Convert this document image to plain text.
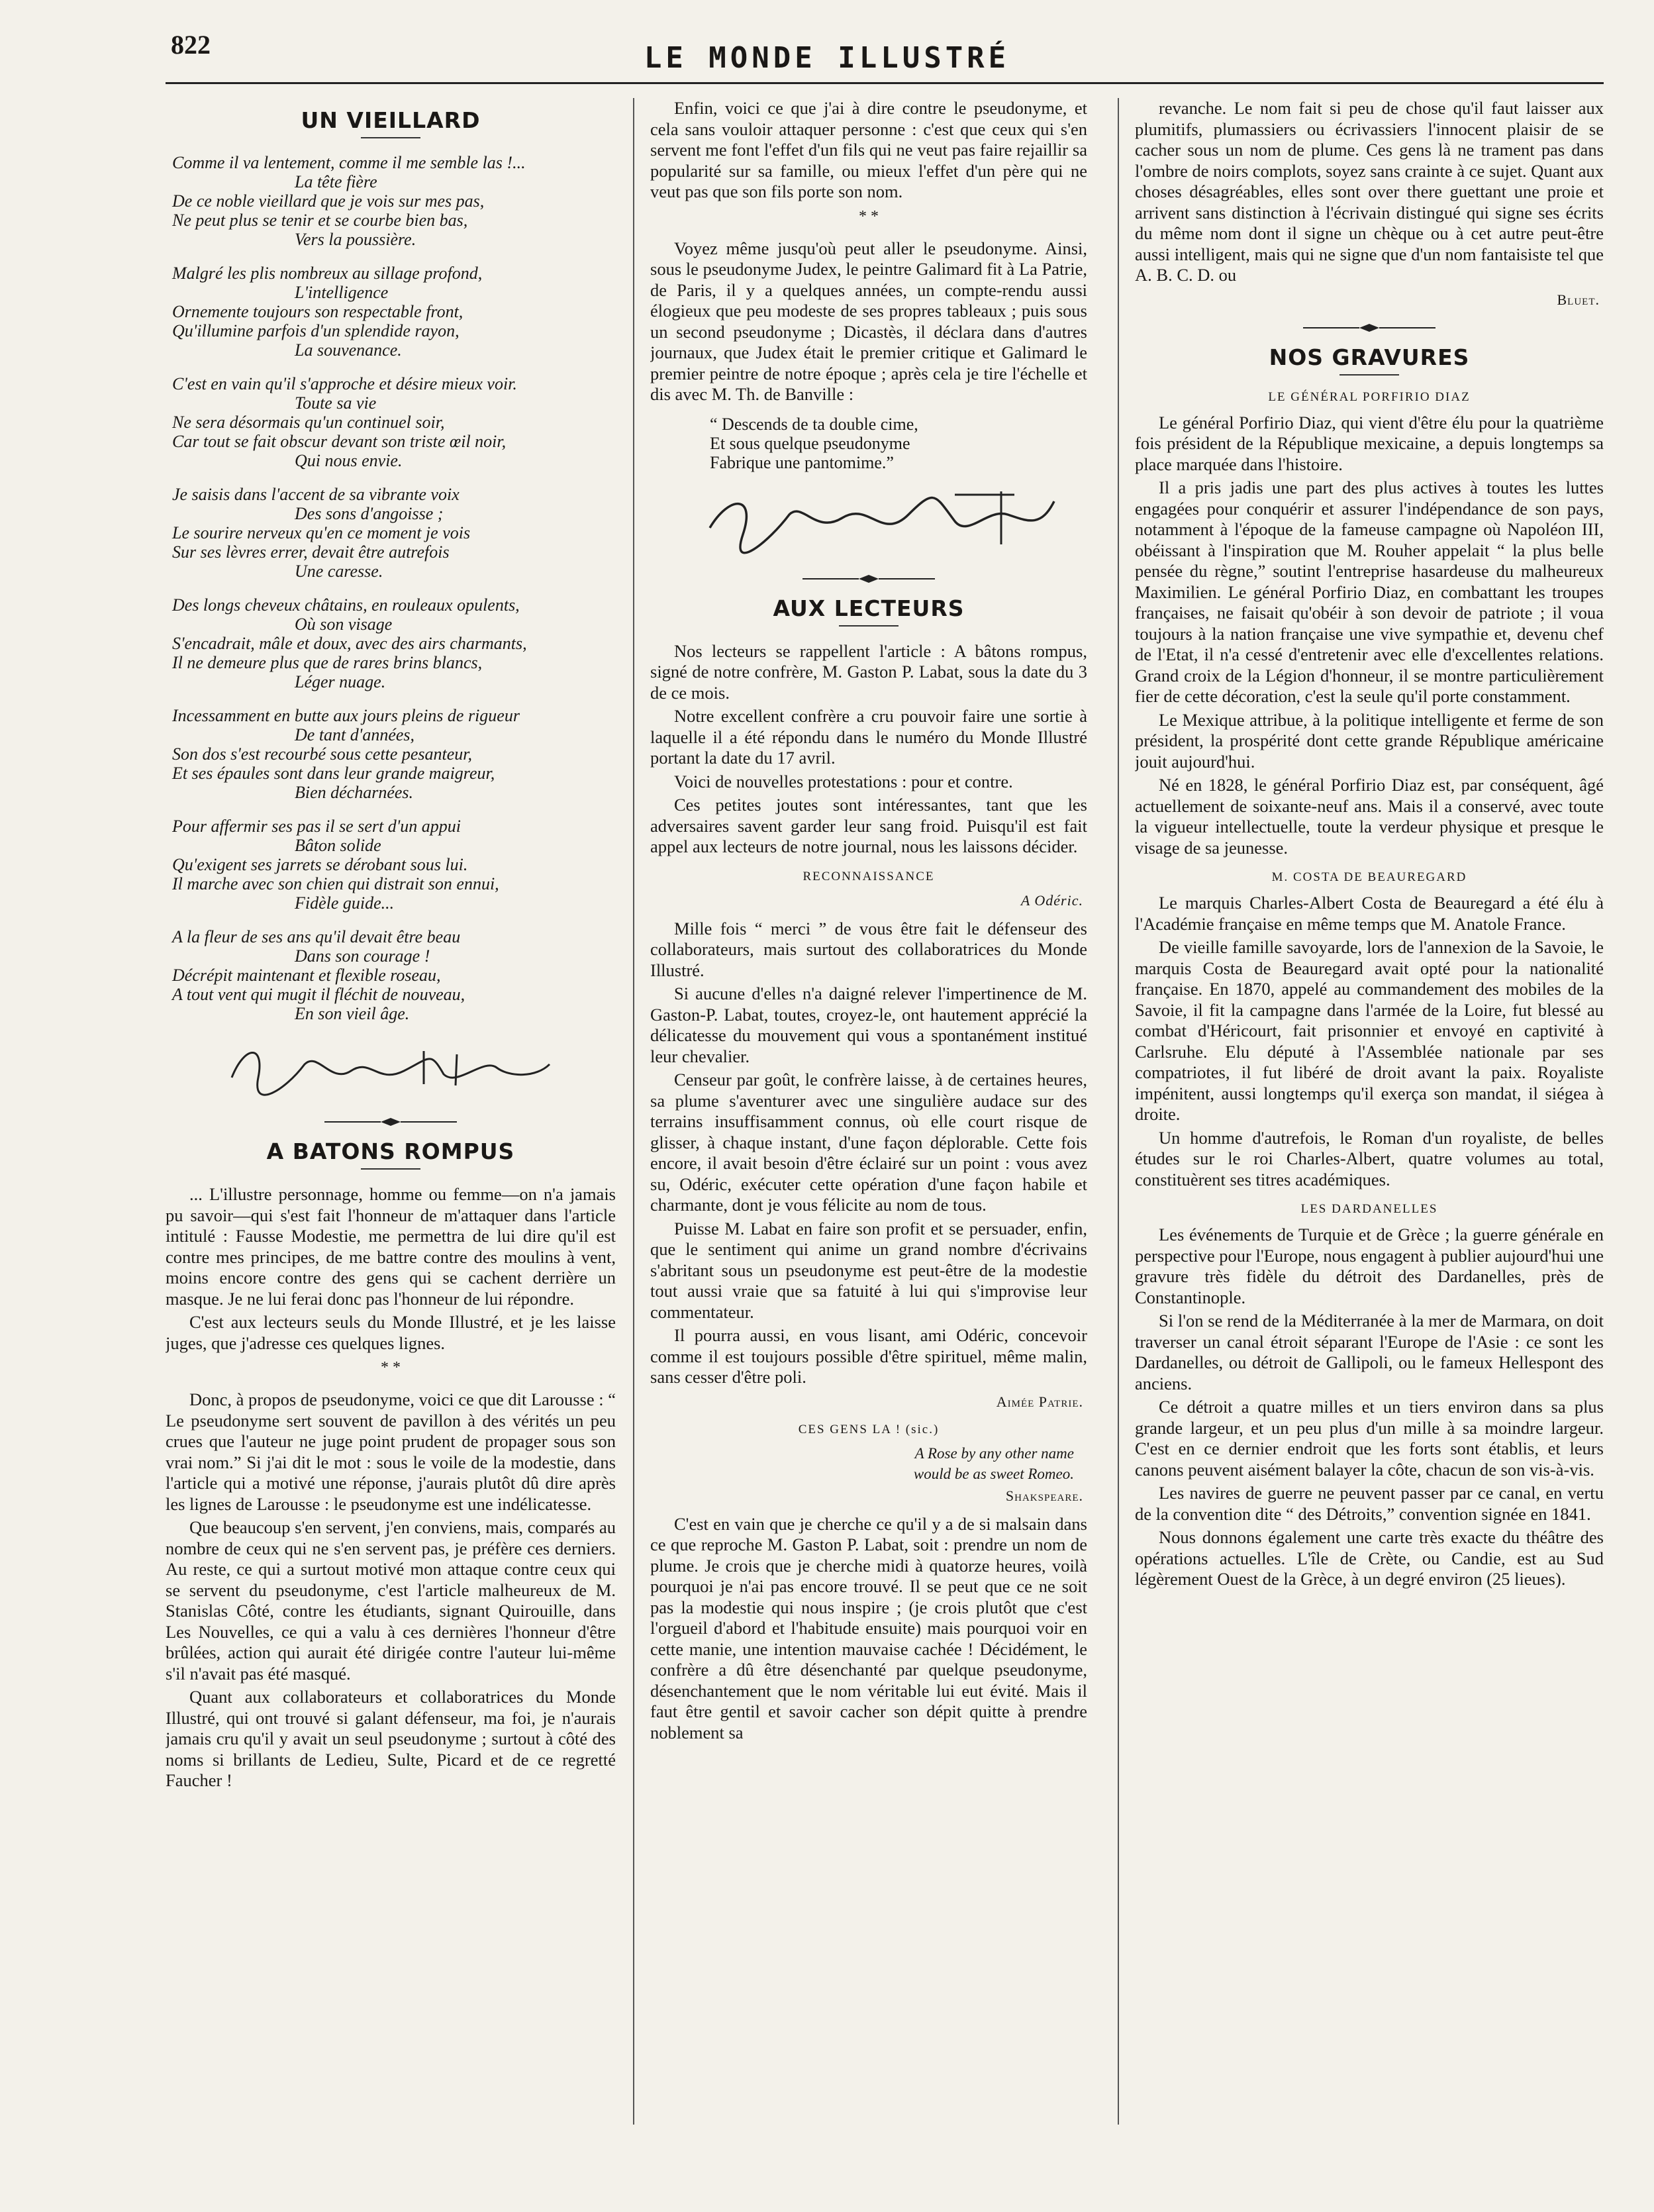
822	LE MONDE ILLUSTRÉ
UN VIEILLARD
Comme il va lentement, comme il me semble las !...
La tête fière
De ce noble vieillard que je vois sur mes pas,
Ne peut plus se tenir et se courbe bien bas,
Vers la poussière.
Malgré les plis nombreux au sillage profond,
L'intelligence
Ornemente toujours son respectable front,
Qu'illumine parfois d'un splendide rayon,
La souvenance.
C'est en vain qu'il s'approche et désire mieux voir.
Toute sa vie
Ne sera désormais qu'un continuel soir,
Car tout se fait obscur devant son triste œil noir,
Qui nous envie.
Je saisis dans l'accent de sa vibrante voix
Des sons d'angoisse ;
Le sourire nerveux qu'en ce moment je vois
Sur ses lèvres errer, devait être autrefois
Une caresse.
Des longs cheveux châtains, en rouleaux opulents,
Où son visage
S'encadrait, mâle et doux, avec des airs charmants,
Il ne demeure plus que de rares brins blancs,
Léger nuage.
Incessamment en butte aux jours pleins de rigueur
De tant d'années,
Son dos s'est recourbé sous cette pesanteur,
Et ses épaules sont dans leur grande maigreur,
Bien décharnées.
Pour affermir ses pas il se sert d'un appui
Bâton solide
Qu'exigent ses jarrets se dérobant sous lui.
Il marche avec son chien qui distrait son ennui,
Fidèle guide...
A la fleur de ses ans qu'il devait être beau
Dans son courage !
Décrépit maintenant et flexible roseau,
A tout vent qui mugit il fléchit de nouveau,
En son vieil âge.
A BATONS ROMPUS

... L'illustre personnage, homme ou femme—on n'a jamais pu savoir—qui s'est fait l'honneur de m'attaquer dans l'article intitulé : Fausse Modestie, me permettra de lui dire qu'il est contre mes principes, de me battre contre des moulins à vent, moins encore contre des gens qui se cachent derrière un masque. Je ne lui ferai donc pas l'honneur de lui répondre.

C'est aux lecteurs seuls du Monde Illustré, et je les laisse juges, que j'adresse ces quelques lignes.

* *

Donc, à propos de pseudonyme, voici ce que dit Larousse : “ Le pseudonyme sert souvent de pavillon à des vérités un peu crues que l'auteur ne juge point prudent de propager sous son vrai nom.” Si j'ai dit le mot : sous le voile de la modestie, dans l'article qui a motivé une réponse, j'aurais plutôt dû dire après les lignes de Larousse : le pseudonyme est une indélicatesse.

Que beaucoup s'en servent, j'en conviens, mais, comparés au nombre de ceux qui ne s'en servent pas, je préfère ces derniers. Au reste, ce qui a surtout motivé mon attaque contre ceux qui se servent du pseudonyme, c'est l'article malheureux de M. Stanislas Côté, contre les étudiants, signant Quirouille, dans Les Nouvelles, ce qui a valu à ces dernières l'honneur d'être brûlées, action qui aurait été dirigée contre l'auteur lui-même s'il n'avait pas été masqué.

Quant aux collaborateurs et collaboratrices du Monde Illustré, qui ont trouvé si galant défenseur, ma foi, je n'aurais jamais cru qu'il y avait un seul pseudonyme ; surtout à côté des noms si brillants de Ledieu, Sulte, Picard et de ce regretté Faucher !

Enfin, voici ce que j'ai à dire contre le pseudonyme, et cela sans vouloir attaquer personne : c'est que ceux qui s'en servent me font l'effet d'un fils qui ne veut pas faire rejaillir sa popularité sur sa famille, ou mieux l'effet d'un père qui ne veut pas que son fils porte son nom.

* *

Voyez même jusqu'où peut aller le pseudonyme. Ainsi, sous le pseudonyme Judex, le peintre Galimard fit à La Patrie, de Paris, il y a quelques années, un compte-rendu aussi élogieux que peu modeste de ses propres tableaux ; puis sous un second pseudonyme ; Dicastès, il déclara dans d'autres journaux, que Judex était le premier critique et Galimard le premier peintre de notre époque ; après cela je tire l'échelle et dis avec M. Th. de Banville :

“ Descends de ta double cime,
Et sous quelque pseudonyme
Fabrique une pantomime.”
AUX LECTEURS

Nos lecteurs se rappellent l'article : A bâtons rompus, signé de notre confrère, M. Gaston P. Labat, sous la date du 3 de ce mois.

Notre excellent confrère a cru pouvoir faire une sortie à laquelle il a été répondu dans le numéro du Monde Illustré portant la date du 17 avril.

Voici de nouvelles protestations : pour et contre.

Ces petites joutes sont intéressantes, tant que les adversaires savent garder leur sang froid. Puisqu'il est fait appel aux lecteurs de notre journal, nous les laissons décider.

RECONNAISSANCE
A Odéric.

Mille fois “ merci ” de vous être fait le défenseur des collaborateurs, mais surtout des collaboratrices du Monde Illustré.

Si aucune d'elles n'a daigné relever l'impertinence de M. Gaston-P. Labat, toutes, croyez-le, ont hautement apprécié la délicatesse du mouvement qui vous a spontanément institué leur chevalier.

Censeur par goût, le confrère laisse, à de certaines heures, sa plume s'aventurer avec une singulière audace sur des terrains insuffisamment connus, où elle court risque de glisser, à chaque instant, d'une façon déplorable. Cette fois encore, il avait besoin d'être éclairé sur un point : vous avez su, Odéric, exécuter cette opération d'une façon habile et charmante, dont je vous félicite au nom de tous.

Puisse M. Labat en faire son profit et se persuader, enfin, que le sentiment qui anime un grand nombre d'écrivains s'abritant sous un pseudonyme est peut-être de la modestie tout aussi vraie que sa fatuité à lui qui s'improvise leur commentateur.

Il pourra aussi, en vous lisant, ami Odéric, concevoir comme il est toujours possible d'être spirituel, même malin, sans cesser d'être poli.

Aimée Patrie.
CES GENS LA ! (sic.)
A Rose by any other name
would be as sweet Romeo.
Shakspeare.

C'est en vain que je cherche ce qu'il y a de si malsain dans ce que reproche M. Gaston P. Labat, soit : prendre un nom de plume. Je crois que je cherche midi à quatorze heures, voilà pourquoi je n'ai pas encore trouvé. Il se peut que ce ne soit pas la modestie qui nous inspire ; (je crois plutôt que c'est l'orgueil d'abord et l'habitude ensuite) mais pourquoi voir en cette manie, une intention mauvaise cachée ! Décidément, le confrère a dû être désenchanté par quelque pseudonyme, désenchantement que le nom véritable lui eut évité. Mais il faut être gentil et savoir cacher son dépit quitte à prendre noblement sa

revanche. Le nom fait si peu de chose qu'il faut laisser aux plumitifs, plumassiers ou écrivassiers l'innocent plaisir de se cacher sous un nom de plume. Ces gens là ne trament pas dans l'ombre de noirs complots, soyez sans crainte à ce sujet. Quant aux choses désagréables, elles sont over there guettant une proie et arrivent sans distinction à l'écrivain distingué qui signe ses écrits du même nom dont il signe un chèque ou à cet autre peut-être aussi intelligent, mais qui ne signe que d'un nom fantaisiste tel que A. B. C. D. ou

Bluet.
NOS GRAVURES
LE GÉNÉRAL PORFIRIO DIAZ

Le général Porfirio Diaz, qui vient d'être élu pour la quatrième fois président de la République mexicaine, a depuis longtemps sa place marquée dans l'histoire.

Il a pris jadis une part des plus actives à toutes les luttes engagées pour conquérir et assurer l'indépendance de son pays, notamment à l'époque de la fameuse campagne où Napoléon III, obéissant à l'inspiration que M. Rouher appelait “ la plus belle pensée du règne,” soutint l'entreprise hasardeuse du malheureux Maximilien. Le général Porfirio Diaz, en combattant les troupes françaises, ne faisait qu'obéir à son devoir de patriote ; il voua toujours à la nation française une vive sympathie et, devenu chef de l'Etat, il n'a cessé d'entretenir avec elle d'excellentes relations. Grand croix de la Légion d'honneur, il se montre particulièrement fier de cette décoration, c'est la seule qu'il porte constamment.

Le Mexique attribue, à la politique intelligente et ferme de son président, la prospérité dont cette grande République américaine jouit aujourd'hui.

Né en 1828, le général Porfirio Diaz est, par conséquent, âgé actuellement de soixante-neuf ans. Mais il a conservé, avec toute la vigueur intellectuelle, toute la verdeur physique et presque le visage de sa jeunesse.

M. COSTA DE BEAUREGARD

Le marquis Charles-Albert Costa de Beauregard a été élu à l'Académie française en même temps que M. Anatole France.

De vieille famille savoyarde, lors de l'annexion de la Savoie, le marquis Costa de Beauregard avait opté pour la nationalité française. En 1870, appelé au commandement des mobiles de la Savoie, il fit la campagne dans l'armée de la Loire, fut blessé au combat d'Héricourt, fait prisonnier et envoyé en captivité à Carlsruhe. Elu député à l'Assemblée nationale par ses compatriotes, il fut libéré de droit avant la paix. Royaliste impénitent, aussi longtemps qu'il exerça son mandat, il siégea à droite.

Un homme d'autrefois, le Roman d'un royaliste, de belles études sur le roi Charles-Albert, quatre volumes au total, constituèrent ses titres académiques.

LES DARDANELLES

Les événements de Turquie et de Grèce ; la guerre générale en perspective pour l'Europe, nous engagent à publier aujourd'hui une gravure très fidèle du détroit des Dardanelles, près de Constantinople.

Si l'on se rend de la Méditerranée à la mer de Marmara, on doit traverser un canal étroit séparant l'Europe de l'Asie : ce sont les Dardanelles, ou détroit de Gallipoli, ou le fameux Hellespont des anciens.

Ce détroit a quatre milles et un tiers environ dans sa plus grande largeur, et un peu plus d'un mille à sa moindre largeur. C'est en ce dernier endroit que les forts sont établis, et leurs canons peuvent aisément balayer la côte, chacun de son vis-à-vis.

Les navires de guerre ne peuvent passer par ce canal, en vertu de la convention dite “ des Détroits,” convention signée en 1841.

Nous donnons également une carte très exacte du théâtre des opérations actuelles. L'île de Crète, ou Candie, est au Sud légèrement Ouest de la Grèce, à un degré environ (25 lieues).
